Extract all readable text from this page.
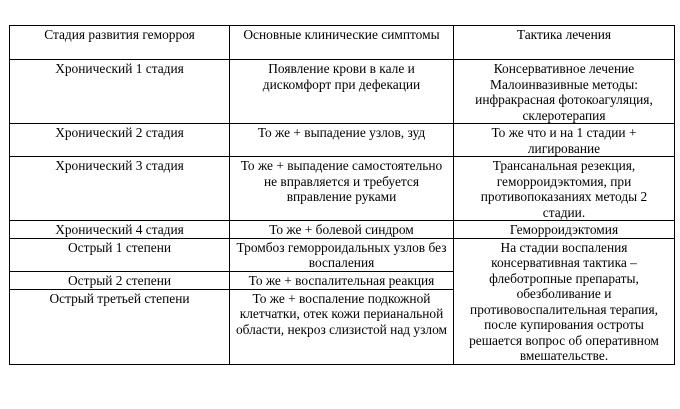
Стадия развития геморроя	Основные клинические симптомы	Тактика лечения
Хронический 1 стадия	Появление крови в кале и дискомфорт при дефекации	Консервативное лечение Малоинвазивные методы: инфракрасная фотокоагуляция, склеротерапия
Хронический 2 стадия	То же + выпадение узлов, зуд	То же что и на 1 стадии + лигирование
Хронический 3 стадия	То же + выпадение самостоятельно не вправляется и требуется вправление руками	Трансанальная резекция, геморроидэктомия, при противопоказаниях методы 2 стадии.
Хронический 4 стадия	То же + болевой синдром	Геморроидэктомия
Острый 1 степени	Тромбоз геморроидальных узлов без воспаления	На стадии воспаления консервативная тактика – флеботропные препараты, обезболивание и противовоспалительная терапия, после купирования остроты решается вопрос об оперативном вмешательстве.
Острый 2 степени	То же + воспалительная реакция	
Острый третьей степени	То же + воспаление подкожной клетчатки, отек кожи перианальной области, некроз слизистой над узлом	
